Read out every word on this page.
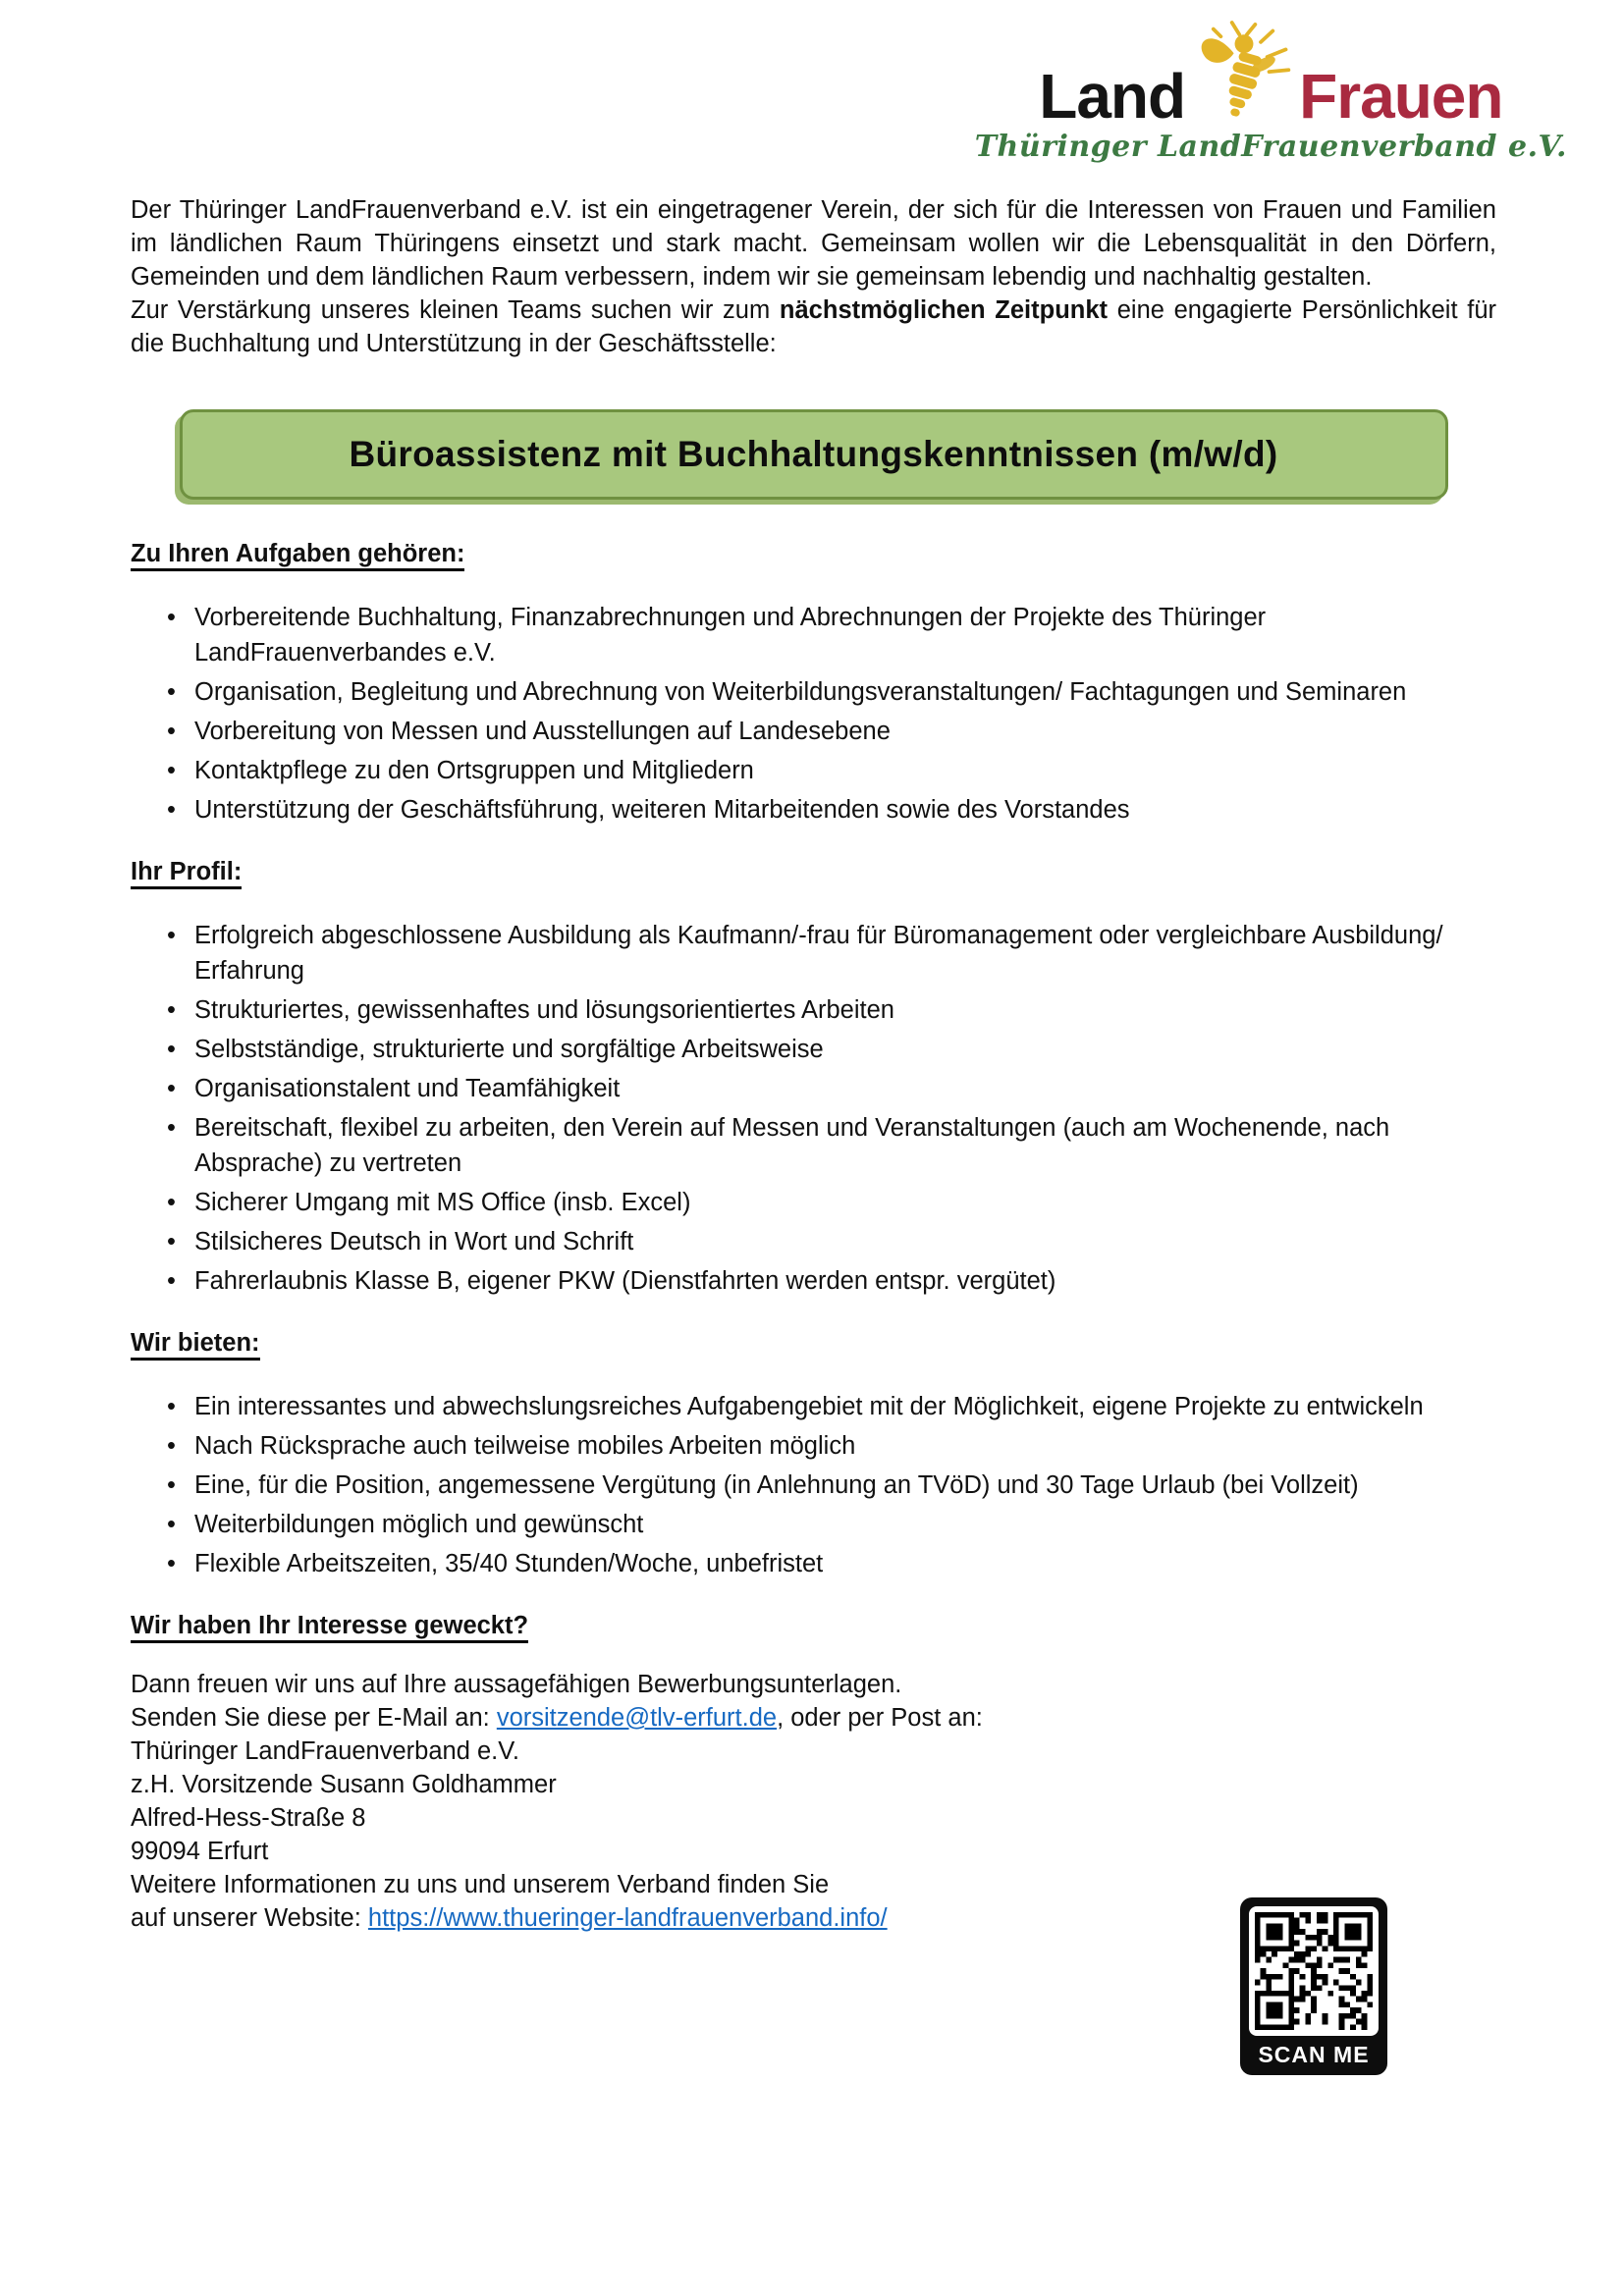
Land Frauen
Thüringer LandFrauenverband e.V.

Der Thüringer LandFrauenverband e.V. ist ein eingetragener Verein, der sich für die Interessen von Frauen und Familien im ländlichen Raum Thüringens einsetzt und stark macht. Gemeinsam wollen wir die Lebensqualität in den Dörfern, Gemeinden und dem ländlichen Raum verbessern, indem wir sie gemeinsam lebendig und nachhaltig gestalten.

Zur Verstärkung unseres kleinen Teams suchen wir zum nächstmöglichen Zeitpunkt eine engagierte Persönlichkeit für die Buchhaltung und Unterstützung in der Geschäftsstelle:

Büroassistenz mit Buchhaltungskenntnissen (m/w/d)
Zu Ihren Aufgaben gehören:
• Vorbereitende Buchhaltung, Finanzabrechnungen und Abrechnungen der Projekte des Thüringer LandFrauenverbandes e.V.
• Organisation, Begleitung und Abrechnung von Weiterbildungsveranstaltungen/ Fachtagungen und Seminaren
• Vorbereitung von Messen und Ausstellungen auf Landesebene
• Kontaktpflege zu den Ortsgruppen und Mitgliedern
• Unterstützung der Geschäftsführung, weiteren Mitarbeitenden sowie des Vorstandes
Ihr Profil:
• Erfolgreich abgeschlossene Ausbildung als Kaufmann/-frau für Büromanagement oder vergleichbare Ausbildung/ Erfahrung
• Strukturiertes, gewissenhaftes und lösungsorientiertes Arbeiten
• Selbstständige, strukturierte und sorgfältige Arbeitsweise
• Organisationstalent und Teamfähigkeit
• Bereitschaft, flexibel zu arbeiten, den Verein auf Messen und Veranstaltungen (auch am Wochenende, nach Absprache) zu vertreten
• Sicherer Umgang mit MS Office (insb. Excel)
• Stilsicheres Deutsch in Wort und Schrift
• Fahrerlaubnis Klasse B, eigener PKW (Dienstfahrten werden entspr. vergütet)
Wir bieten:
• Ein interessantes und abwechslungsreiches Aufgabengebiet mit der Möglichkeit, eigene Projekte zu entwickeln
• Nach Rücksprache auch teilweise mobiles Arbeiten möglich
• Eine, für die Position, angemessene Vergütung (in Anlehnung an TVöD) und 30 Tage Urlaub (bei Vollzeit)
• Weiterbildungen möglich und gewünscht
• Flexible Arbeitszeiten, 35/40 Stunden/Woche, unbefristet
Wir haben Ihr Interesse geweckt?

Dann freuen wir uns auf Ihre aussagefähigen Bewerbungsunterlagen.

Senden Sie diese per E-Mail an: vorsitzende@tlv-erfurt.de, oder per Post an:

Thüringer LandFrauenverband e.V.

z.H. Vorsitzende Susann Goldhammer

Alfred-Hess-Straße 8

99094 Erfurt

Weitere Informationen zu uns und unserem Verband finden Sie

auf unserer Website: https://www.thueringer-landfrauenverband.info/

SCAN ME
